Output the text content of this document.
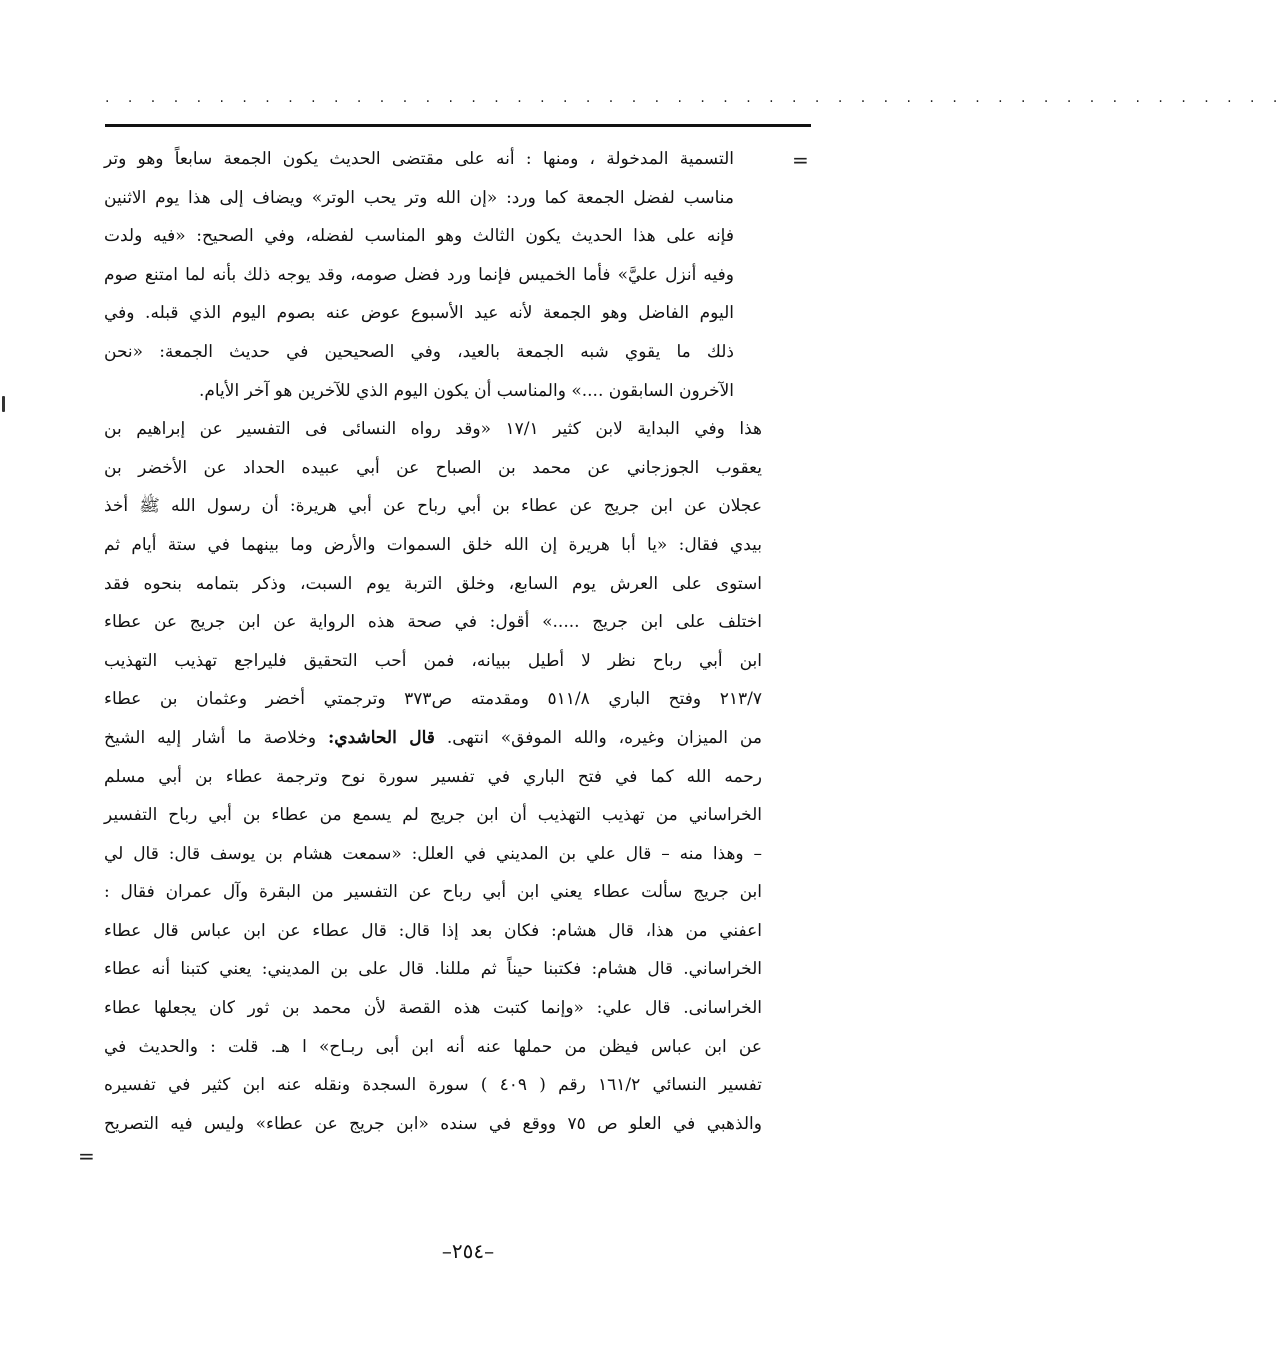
. . . . . . . . . . . . . . . . . . . . . . . . . . . . . . . . . . . . . . . . . . . . . . . . . . . .
=
التسمية المدخولة ، ومنها : أنه على مقتضى الحديث يكون الجمعة سابعاً وهو وتر
مناسب لفضل الجمعة كما ورد: «إن الله وتر يحب الوتر» ويضاف إلى هذا يوم الاثنين
فإنه على هذا الحديث يكون الثالث وهو المناسب لفضله، وفي الصحيح: «فيه ولدت
وفيه أنزل عليَّ» فأما الخميس فإنما ورد فضل صومه، وقد يوجه ذلك بأنه لما امتنع صوم
اليوم الفاضل وهو الجمعة لأنه عيد الأسبوع عوض عنه بصوم اليوم الذي قبله. وفي
ذلك ما يقوي شبه الجمعة بالعيد، وفي الصحيحين في حديث الجمعة: «نحن
الآخرون السابقون ....» والمناسب أن يكون اليوم الذي للآخرين هو آخر الأيام.
هذا وفي البداية لابن كثير ١٧/١ «وقد رواه النسائى فى التفسير عن إبراهيم بن
يعقوب الجوزجاني عن محمد بن الصباح عن أبي عبيده الحداد عن الأخضر بن
عجلان عن ابن جريج عن عطاء بن أبي رباح عن أبي هريرة: أن رسول الله ﷺ أخذ
بيدي فقال: «يا أبا هريرة إن الله خلق السموات والأرض وما بينهما في ستة أيام ثم
استوى على العرش يوم السابع، وخلق التربة يوم السبت، وذكر بتمامه بنحوه فقد
اختلف على ابن جريج .....» أقول: في صحة هذه الرواية عن ابن جريج عن عطاء
ابن أبي رباح نظر لا أطيل ببيانه، فمن أحب التحقيق فليراجع تهذيب التهذيب
٢١٣/٧ وفتح الباري ٥١١/٨ ومقدمته ص٣٧٣ وترجمتي أخضر وعثمان بن عطاء
من الميزان وغيره، والله الموفق» انتهى. قال الحاشدي: وخلاصة ما أشار إليه الشيخ
رحمه الله كما في فتح الباري في تفسير سورة نوح وترجمة عطاء بن أبي مسلم
الخراساني من تهذيب التهذيب أن ابن جريج لم يسمع من عطاء بن أبي رباح التفسير
– وهذا منه – قال علي بن المديني في العلل: «سمعت هشام بن يوسف قال: قال لي
ابن جريج سألت عطاء يعني ابن أبي رباح عن التفسير من البقرة وآل عمران فقال :
اعفني من هذا، قال هشام: فكان بعد إذا قال: قال عطاء عن ابن عباس قال عطاء
الخراساني. قال هشام: فكتبنا حيناً ثم مللنا. قال على بن المديني: يعني كتبنا أنه عطاء
الخراسانى. قال علي: «وإنما كتبت هذه القصة لأن محمد بن ثور كان يجعلها عطاء
عن ابن عباس فيظن من حملها عنه أنه ابن أبى ربـاح» ا هـ. قلت : والحديث في
تفسير النسائي ١٦١/٢ رقم ( ٤٠٩ ) سورة السجدة ونقله عنه ابن كثير في تفسيره
والذهبي في العلو ص ٧٥ ووقع في سنده «ابن جريج عن عطاء» وليس فيه التصريح
=
–٢٥٤–
